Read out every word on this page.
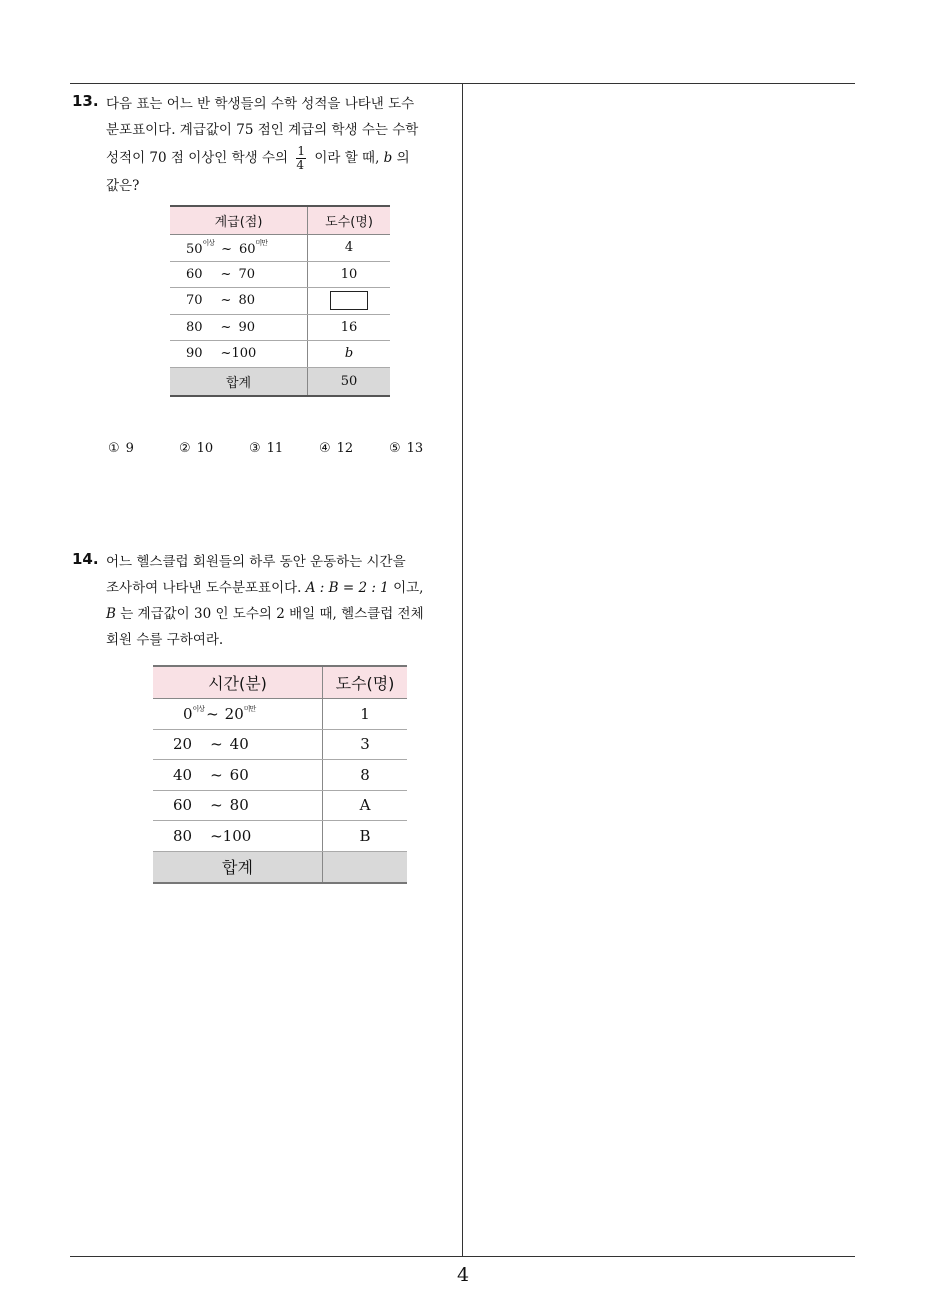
13. 다음 표는 어느 반 학생들의 수학 성적을 나타낸 도수
분포표이다. 계급값이 75 점인 계급의 학생 수는 수학
성적이 70 점 이상인 학생 수의 $\frac{1}{4}$ 이라 할 때, b 의
값은?
계급(점)	도수(명)
$50^{이상}$ ~ $60^{미만}$	4
60 ~ 70	10
70 ~ 80	
80 ~ 90	16
90 ~100	b
합계	50
① 9	② 10	③ 11	④ 12	⑤ 13
14. 어느 헬스클럽 회원들의 하루 동안 운동하는 시간을
조사하여 나타낸 도수분포표이다. A : B = 2 : 1 이고,
B 는 계급값이 30 인 도수의 2 배일 때, 헬스클럽 전체
회원 수를 구하여라.
시간(분)	도수(명)
$0^{이상}$ ~ $20^{미만}$	1
20 ~ 40	3
40 ~ 60	8
60 ~ 80	A
80 ~100	B
합계	
4
